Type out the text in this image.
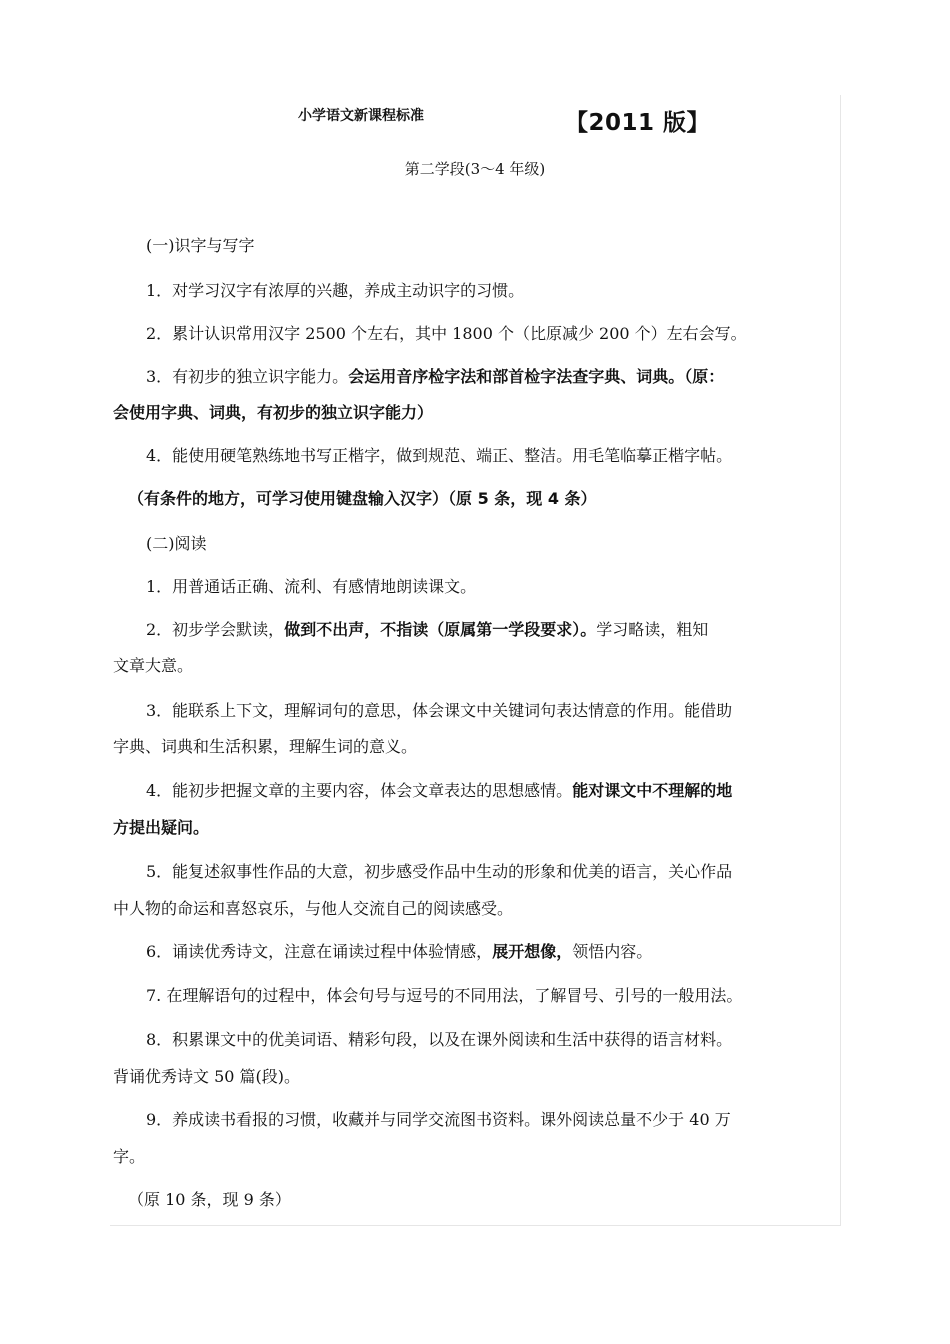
小学语文新课程标准	【2011 版】
第二学段(3～4 年级)
(一)识字与写字
1．对学习汉字有浓厚的兴趣，养成主动识字的习惯。
2．累计认识常用汉字 2500 个左右，其中 1800 个（比原减少 200 个）左右会写。
3．有初步的独立识字能力。会运用音序检字法和部首检字法查字典、词典。（原：
会使用字典、词典，有初步的独立识字能力）
4．能使用硬笔熟练地书写正楷字，做到规范、端正、整洁。用毛笔临摹正楷字帖。
（有条件的地方，可学习使用键盘输入汉字）（原 5 条，现 4 条）
(二)阅读
1．用普通话正确、流利、有感情地朗读课文。
2．初步学会默读，做到不出声，不指读（原属第一学段要求）。学习略读，粗知
文章大意。
3．能联系上下文，理解词句的意思，体会课文中关键词句表达情意的作用。能借助
字典、词典和生活积累，理解生词的意义。
4．能初步把握文章的主要内容，体会文章表达的思想感情。能对课文中不理解的地
方提出疑问。
5．能复述叙事性作品的大意，初步感受作品中生动的形象和优美的语言，关心作品
中人物的命运和喜怒哀乐，与他人交流自己的阅读感受。
6．诵读优秀诗文，注意在诵读过程中体验情感，展开想像，领悟内容。
7. 在理解语句的过程中，体会句号与逗号的不同用法，了解冒号、引号的一般用法。
8．积累课文中的优美词语、精彩句段，以及在课外阅读和生活中获得的语言材料。
背诵优秀诗文 50 篇(段)。
9．养成读书看报的习惯，收藏并与同学交流图书资料。课外阅读总量不少于 40 万
字。
（原 10 条，现 9 条）
